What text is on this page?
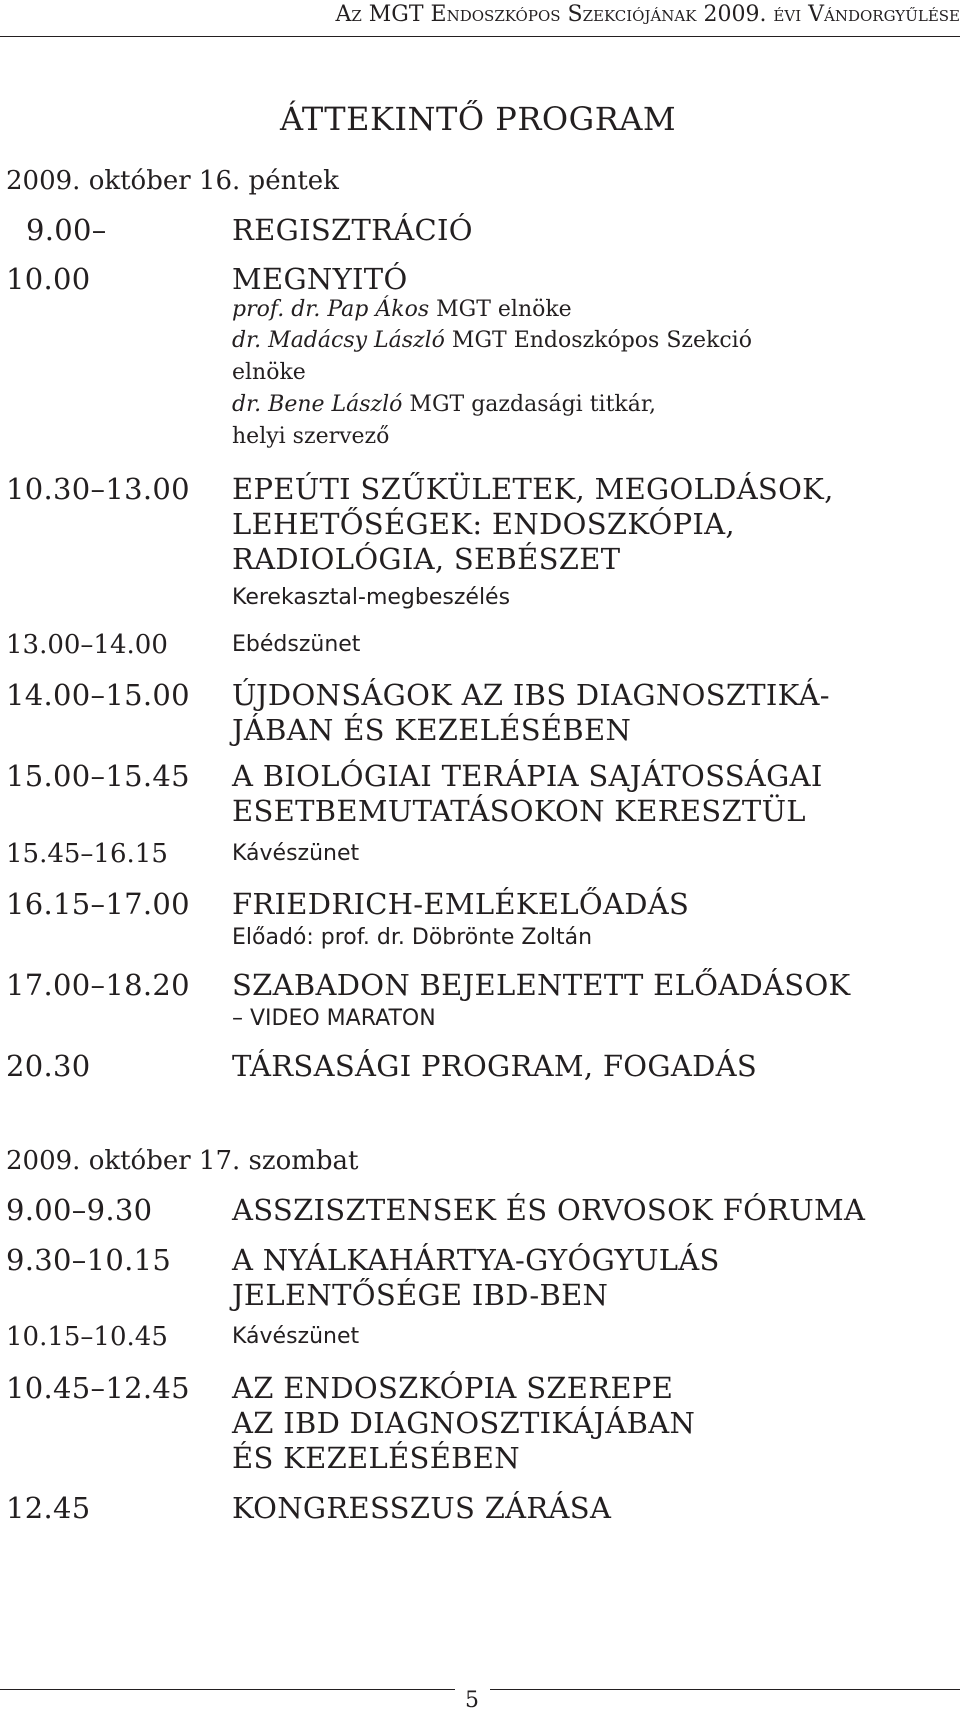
Az MGT Endoszkópos Szekciójának 2009. évi Vándorgyűlése
ÁTTEKINTŐ PROGRAM
2009. október 16. péntek
9.00–	REGISZTRÁCIÓ
10.00	MEGNYITÓ
prof. dr. Pap Ákos MGT elnöke
dr. Madácsy László MGT Endoszkópos Szekció
elnöke
dr. Bene László MGT gazdasági titkár,
helyi szervező
10.30–13.00 EPEÚTI SZŰKÜLETEK, MEGOLDÁSOK,
LEHETŐSÉGEK: ENDOSZKÓPIA,
RADIOLÓGIA, SEBÉSZET
Kerekasztal-megbeszélés
13.00–14.00	Ebédszünet
14.00–15.00 ÚJDONSÁGOK AZ IBS DIAGNOSZTIKÁ-
JÁBAN ÉS KEZELÉSÉBEN
15.00–15.45 A BIOLÓGIAI TERÁPIA SAJÁTOSSÁGAI
ESETBEMUTATÁSOKON KERESZTÜL
15.45–16.15	Kávészünet
16.15–17.00 FRIEDRICH-EMLÉKELŐADÁS
Előadó: prof. dr. Döbrönte Zoltán
17.00–18.20 SZABADON BEJELENTETT ELŐADÁSOK
– VIDEO MARATON
20.30	TÁRSASÁGI PROGRAM, FOGADÁS
2009. október 17. szombat
9.00–9.30	ASSZISZTENSEK ÉS ORVOSOK FÓRUMA
9.30–10.15 A NYÁLKAHÁRTYA-GYÓGYULÁS
JELENTŐSÉGE IBD-BEN
10.15–10.45	Kávészünet
10.45–12.45 AZ ENDOSZKÓPIA SZEREPE
AZ IBD DIAGNOSZTIKÁJÁBAN
ÉS KEZELÉSÉBEN
12.45	KONGRESSZUS ZÁRÁSA
5
